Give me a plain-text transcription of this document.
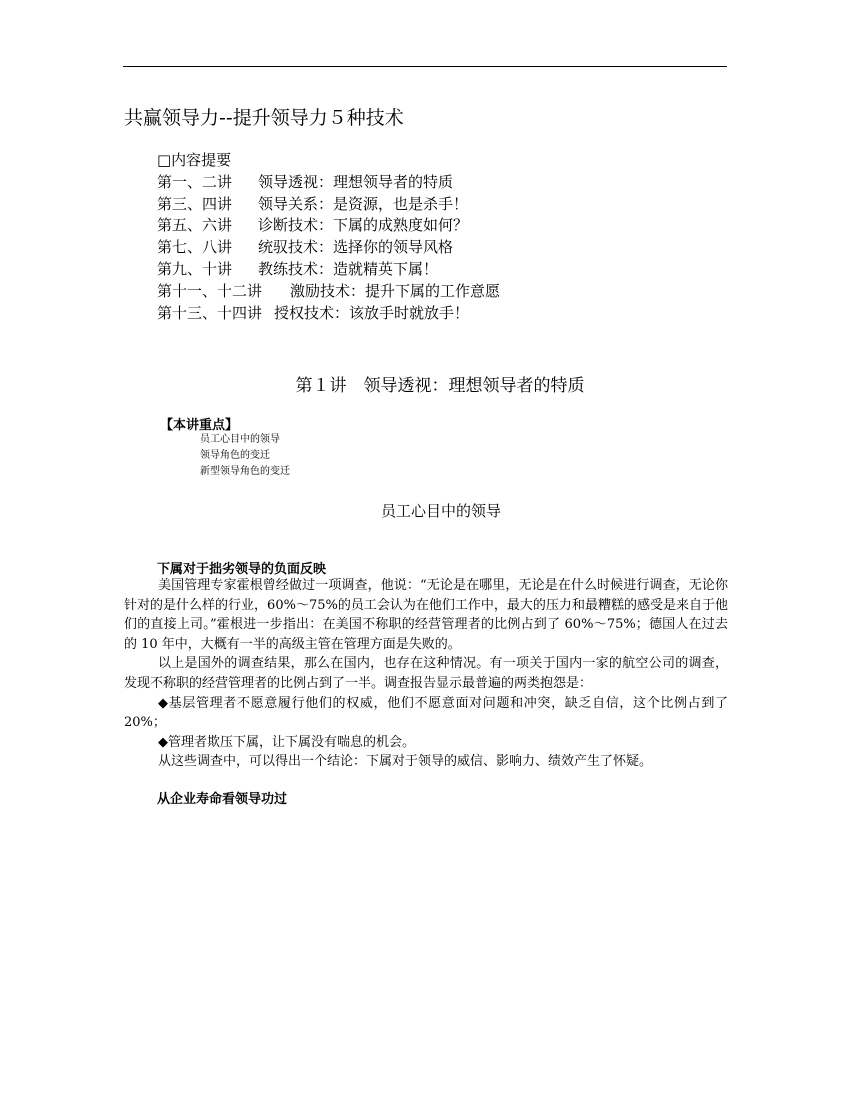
共赢领导力--提升领导力５种技术
□内容提要
第一、二讲 领导透视：理想领导者的特质
第三、四讲 领导关系：是资源，也是杀手！
第五、六讲 诊断技术：下属的成熟度如何？
第七、八讲 统驭技术：选择你的领导风格
第九、十讲 教练技术：造就精英下属！
第十一、十二讲 激励技术：提升下属的工作意愿
第十三、十四讲 授权技术：该放手时就放手！
第１讲　领导透视：理想领导者的特质
【本讲重点】
员工心目中的领导
领导角色的变迁
新型领导角色的变迁
员工心目中的领导
下属对于拙劣领导的负面反映

美国管理专家霍根曾经做过一项调查，他说：“无论是在哪里，无论是在什么时候进行调查，无论你针对的是什么样的行业，60%～75%的员工会认为在他们工作中，最大的压力和最糟糕的感受是来自于他们的直接上司。”霍根进一步指出：在美国不称职的经营管理者的比例占到了 60%～75%；德国人在过去的 10 年中，大概有一半的高级主管在管理方面是失败的。

以上是国外的调查结果，那么在国内，也存在这种情况。有一项关于国内一家的航空公司的调查，发现不称职的经营管理者的比例占到了一半。调查报告显示最普遍的两类抱怨是：

◆基层管理者不愿意履行他们的权威，他们不愿意面对问题和冲突，缺乏自信，这个比例占到了 20%；

◆管理者欺压下属，让下属没有喘息的机会。

从这些调查中，可以得出一个结论：下属对于领导的威信、影响力、绩效产生了怀疑。

从企业寿命看领导功过
